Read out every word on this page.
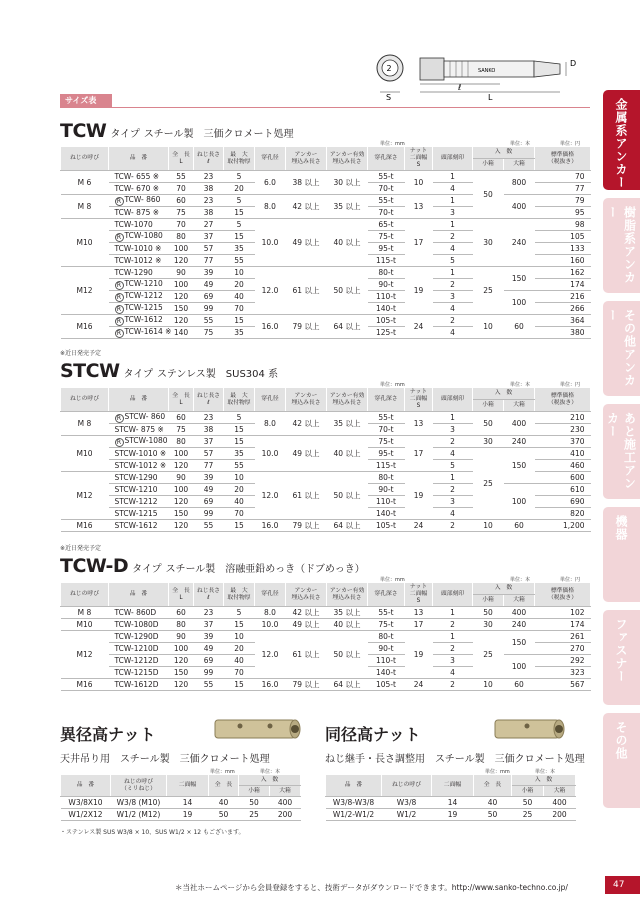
2
S
ℓ
L
D
SANKO
サイズ表
TCW タイプ スチール製　三価クロメート処理
単位：mm	単位：本	単位：円
ねじの呼び	品　番	全　長
L	ねじ長さ
ℓ	最　大
取付物厚	穿孔径	アンカー
埋込み長さ	アンカー有効
埋込み長さ	穿孔深さ	ナット
二面幅
S	頭部刻印	入　数		標準価格
（税抜き）
											小箱	大箱	
M 6	TCW- 655 ※	55	23	5	6.0	38 以上	30 以上	55-t	10	1	50	800	70
	TCW- 670 ※	70	38	20				70-t		4			77
M 8	R TCW- 860	60	23	5	8.0	42 以上	35 以上	55-t	13	1		400	79
	TCW- 875 ※	75	38	15				70-t		3			95
M10	TCW-1070	70	27	5	10.0	49 以上	40 以上	65-t	17	1	30	240	98
	R TCW-1080	80	37	15				75-t		2			105
	TCW-1010 ※	100	57	35				95-t		4			133
	TCW-1012 ※	120	77	55				115-t		5			160
M12	TCW-1290	90	39	10	12.0	61 以上	50 以上	80-t	19	1	25	150	162
	R TCW-1210	100	49	20				90-t		2			174
	R TCW-1212	120	69	40				110-t		3		100	216
	R TCW-1215	150	99	70				140-t		4			266
M16	R TCW-1612	120	55	15	16.0	79 以上	64 以上	105-t	24	2	10	60	364
	R TCW-1614 ※	140	75	35				125-t		4			380
※近日発売予定
STCW タイプ ステンレス製　SUS304 系
単位：mm	単位：本	単位：円
ねじの呼び	品　番	全　長
L	ねじ長さ
ℓ	最　大
取付物厚	穿孔径	アンカー
埋込み長さ	アンカー有効
埋込み長さ	穿孔深さ	ナット
二面幅
S	頭部刻印	入　数		標準価格
（税抜き）
											小箱	大箱	
M 8	R STCW- 860	60	23	5	8.0	42 以上	35 以上	55-t	13	1	50	400	210
	STCW- 875 ※	75	38	15				70-t		3			230
M10	R STCW-1080	80	37	15	10.0	49 以上	40 以上	75-t	17	2	30	240	370
	STCW-1010 ※	100	57	35				95-t		4	25	150	410
	STCW-1012 ※	120	77	55				115-t		5			460
M12	STCW-1290	90	39	10	12.0	61 以上	50 以上	80-t	19	1			600
	STCW-1210	100	49	20				90-t		2		100	610
	STCW-1212	120	69	40				110-t		3			690
	STCW-1215	150	99	70				140-t		4			820
M16	STCW-1612	120	55	15	16.0	79 以上	64 以上	105-t	24	2	10	60	1,200
※近日発売予定
TCW-D タイプ スチール製　溶融亜鉛めっき（ドブめっき）
単位：mm	単位：本	単位：円
ねじの呼び	品　番	全　長
L	ねじ長さ
ℓ	最　大
取付物厚	穿孔径	アンカー
埋込み長さ	アンカー有効
埋込み長さ	穿孔深さ	ナット
二面幅
S	頭部刻印	入　数		標準価格
（税抜き）
											小箱	大箱	
M 8	TCW- 860D	60	23	5	8.0	42 以上	35 以上	55-t	13	1	50	400	102
M10	TCW-1080D	80	37	15	10.0	49 以上	40 以上	75-t	17	2	30	240	174
M12	TCW-1290D	90	39	10	12.0	61 以上	50 以上	80-t	19	1	25	150	261
	TCW-1210D	100	49	20				90-t		2			270
	TCW-1212D	120	69	40				110-t		3		100	292
	TCW-1215D	150	99	70				140-t		4			323
M16	TCW-1612D	120	55	15	16.0	79 以上	64 以上	105-t	24	2	10	60	567
異径高ナット
天井吊り用　スチール製　三価クロメート処理
単位：mm	単位：本
品　番	ねじの呼び
（ミリねじ）	二面幅	全　長	入　数	
				小箱	大箱
W3/8X10	W3/8 (M10)	14	40	50	400
W1/2X12	W1/2 (M12)	19	50	25	200
・ステンレス製 SUS W3/8 × 10、SUS W1/2 × 12 もございます。
同径高ナット
ねじ継手・長さ調整用　スチール製　三価クロメート処理
単位：mm	単位：本
品　番	ねじの呼び	二面幅	全　長	入　数	
				小箱	大箱
W3/8-W3/8	W3/8	14	40	50	400
W1/2-W1/2	W1/2	19	50	25	200
金属系アンカー
樹脂系アンカー
その他アンカー
あと施工アンカー
機器
ファスナー
その他
＊当社ホームページから会員登録をすると、技術データがダウンロードできます。http://www.sanko-techno.co.jp/	47
